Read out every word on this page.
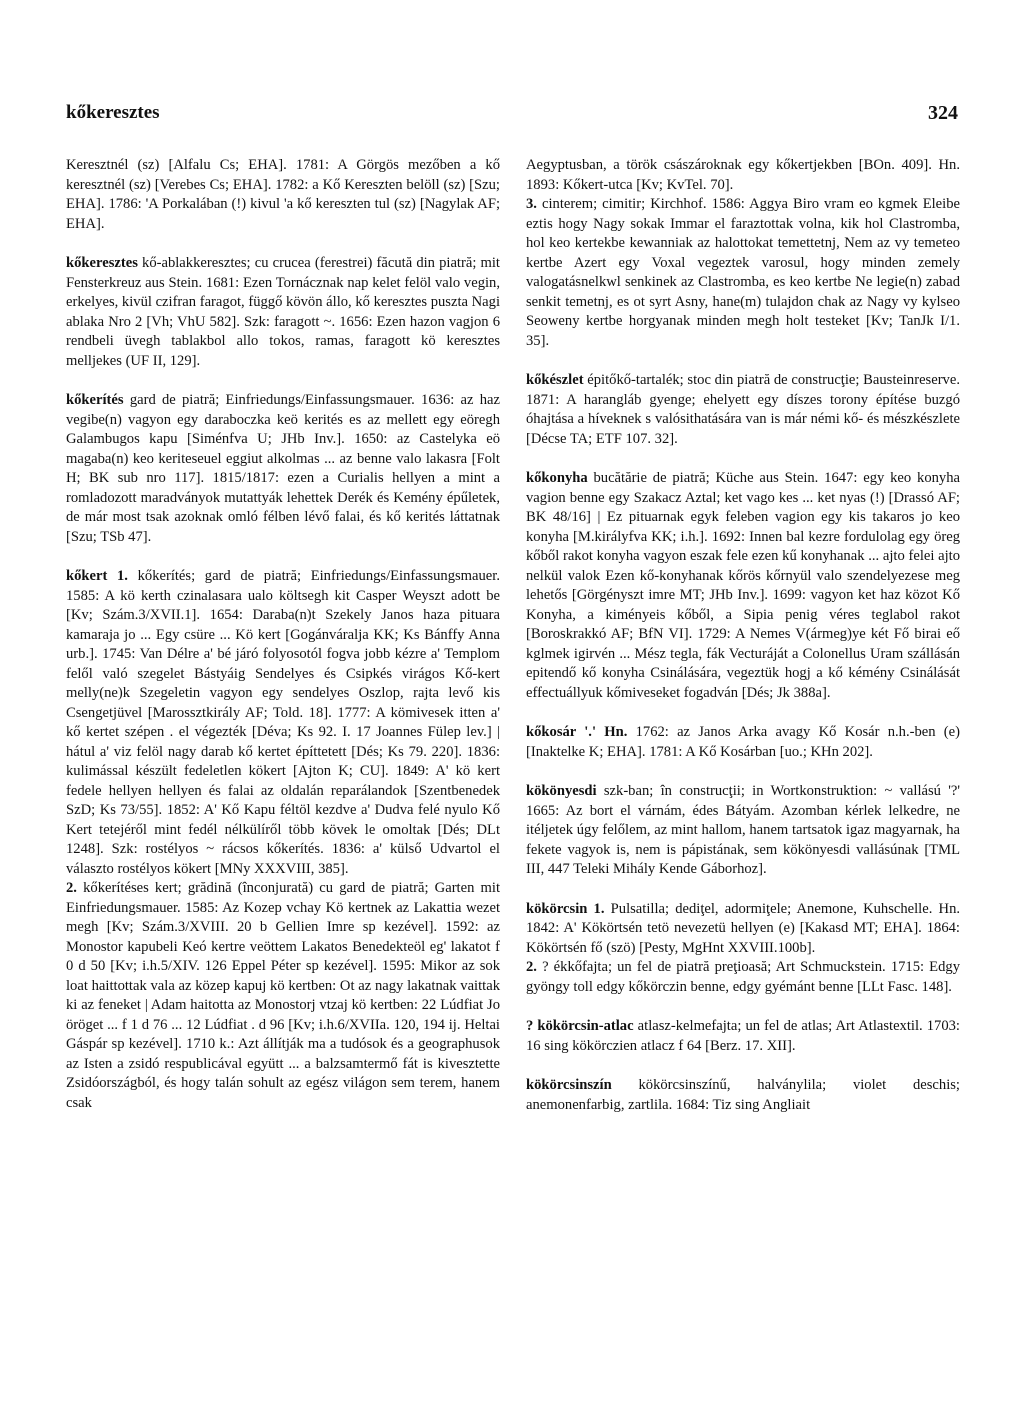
kőkeresztes	324

Keresztnél (sz) [Alfalu Cs; EHA]. 1781: A Görgös mezőben a kő keresztnél (sz) [Verebes Cs; EHA]. 1782: a Kő Kereszten belöll (sz) [Szu; EHA]. 1786: 'A Porkalában (!) kivul 'a kő kereszten tul (sz) [Nagylak AF; EHA].

kőkeresztes kő-ablakkeresztes; cu crucea (ferestrei) făcută din piatră; mit Fensterkreuz aus Stein. 1681: Ezen Tornácznak nap kelet felöl valo vegin, erkelyes, kivül czifran faragot, függő kövön állo, kő keresztes puszta Nagi ablaka Nro 2 [Vh; VhU 582]. Szk: faragott ~. 1656: Ezen hazon vagjon 6 rendbeli üvegh tablakbol allo tokos, ramas, faragott kö keresztes melljekes (UF II, 129].

kőkerítés gard de piatră; Einfriedungs/Einfassungsmauer. 1636: az haz vegibe(n) vagyon egy daraboczka keö kerités es az mellett egy eöregh Galambugos kapu [Siménfva U; JHb Inv.]. 1650: az Castelyka eö magaba(n) keo keriteseuel eggiut alkolmas ... az benne valo lakasra [Folt H; BK sub nro 117]. 1815/1817: ezen a Curialis hellyen a mint a romladozott maradványok mutattyák lehettek Derék és Kemény épűletek, de már most tsak azoknak omló félben lévő falai, és kő kerités láttatnak [Szu; TSb 47].

kőkert 1. kőkerítés; gard de piatră; Einfriedungs/Einfassungsmauer. 1585: A kö kerth czinalasara ualo költsegh kit Casper Weyszt adott be [Kv; Szám.3/XVII.1]. 1654: Daraba(n)t Szekely Janos haza pituara kamaraja jo ... Egy csüre ... Kö kert [Gogánváralja KK; Ks Bánffy Anna urb.]. 1745: Van Délre a' bé járó folyosotól fogva jobb kézre a' Templom felől való szegelet Bástyáig Sendelyes és Csipkés virágos Kő-kert melly(ne)k Szegeletin vagyon egy sendelyes Oszlop, rajta levő kis Csengetjüvel [Marossztkirály AF; Told. 18]. 1777: A kömivesek itten a' kő kertet szépen . el végezték [Déva; Ks 92. I. 17 Joannes Fülep lev.] | hátul a' viz felöl nagy darab kő kertet építtetett [Dés; Ks 79. 220]. 1836: kulimással készült fedeletlen kökert [Ajton K; CU]. 1849: A' kö kert fedele hellyen hellyen és falai az oldalán reparálandok [Szentbenedek SzD; Ks 73/55]. 1852: A' Kő Kapu féltöl kezdve a' Dudva felé nyulo Kő Kert tetejéről mint fedél nélkülíről több kövek le omoltak [Dés; DLt 1248]. Szk: rostélyos ~ rácsos kőkerítés. 1836: a' külső Udvartol el választo rostélyos kökert [MNy XXXVIII, 385].

2. kőkerítéses kert; grădină (înconjurată) cu gard de piatră; Garten mit Einfriedungsmauer. 1585: Az Kozep vchay Kö kertnek az Lakattia wezet megh [Kv; Szám.3/XVIII. 20 b Gellien Imre sp kezével]. 1592: az Monostor kapubeli Keó kertre veöttem Lakatos Benedekteöl eg' lakatot f 0 d 50 [Kv; i.h.5/XIV. 126 Eppel Péter sp kezével]. 1595: Mikor az sok loat haittottak vala az közep kapuj kö kertben: Ot az nagy lakatnak vaittak ki az feneket | Adam haitotta az Monostorj vtzaj kö kertben: 22 Lúdfiat Jo öröget ... f 1 d 76 ... 12 Lúdfiat . d 96 [Kv; i.h.6/XVIIa. 120, 194 ij. Heltai Gáspár sp kezével]. 1710 k.: Azt állítják ma a tudósok és a geographusok az Isten a zsidó respublicával együtt ... a balzsamtermő fát is kivesztette Zsidóországból, és hogy talán sohult az egész világon sem terem, hanem csak

Aegyptusban, a török császároknak egy kőkertjekben [BOn. 409]. Hn. 1893: Kőkert-utca [Kv; KvTel. 70].

3. cinterem; cimitir; Kirchhof. 1586: Aggya Biro vram eo kgmek Eleibe eztis hogy Nagy sokak Immar el faraztottak volna, kik hol Clastromba, hol keo kertekbe kewanniak az halottokat temettetnj, Nem az vy temeteo kertbe Azert egy Voxal vegeztek varosul, hogy minden zemely valogatásnelkwl senkinek az Clastromba, es keo kertbe Ne legie(n) zabad senkit temetnj, es ot syrt Asny, hane(m) tulajdon chak az Nagy vy kylseo Seoweny kertbe horgyanak minden megh holt testeket [Kv; TanJk I/1. 35].

kőkészlet épitőkő-tartalék; stoc din piatră de construcţie; Bausteinreserve. 1871: A harangláb gyenge; ehelyett egy díszes torony építése buzgó óhajtása a híveknek s valósithatására van is már némi kő- és mészkészlete [Décse TA; ETF 107. 32].

kőkonyha bucătărie de piatră; Küche aus Stein. 1647: egy keo konyha vagion benne egy Szakacz Aztal; ket vago kes ... ket nyas (!) [Drassó AF; BK 48/16] | Ez pituarnak egyk feleben vagion egy kis takaros jo keo konyha [M.királyfva KK; i.h.]. 1692: Innen bal kezre fordulolag egy öreg kőből rakot konyha vagyon eszak fele ezen kű konyhanak ... ajto felei ajto nelkül valok Ezen kő-konyhanak kőrös kőrnyül valo szendelyezese meg lehetős [Görgényszt imre MT; JHb Inv.]. 1699: vagyon ket haz közot Kő Konyha, a kiményeis kőből, a Sipia penig véres teglabol rakot [Boroskrakkó AF; BfN VI]. 1729: A Nemes V(ármeg)ye két Fő birai eő kglmek igirvén ... Mész tegla, fák Vecturáját a Colonellus Uram szállásán epitendő kő konyha Csinálására, vegeztük hogj a kő kémény Csinálását effectuállyuk kőmiveseket fogadván [Dés; Jk 388a].

kőkosár '.' Hn. 1762: az Janos Arka avagy Kő Kosár n.h.-ben (e) [Inaktelke K; EHA]. 1781: A Kő Kosárban [uo.; KHn 202].

kökönyesdi szk-ban; în construcţii; in Wortkonstruktion: ~ vallású '?' 1665: Az bort el várnám, édes Bátyám. Azomban kérlek lelkedre, ne itéljetek úgy felőlem, az mint hallom, hanem tartsatok igaz magyarnak, ha fekete vagyok is, nem is pápistának, sem kökönyesdi vallásúnak [TML III, 447 Teleki Mihály Kende Gáborhoz].

kökörcsin 1. Pulsatilla; dediţel, adormiţele; Anemone, Kuhschelle. Hn. 1842: A' Kökörtsén tetö nevezetü hellyen (e) [Kakasd MT; EHA]. 1864: Kökörtsén fő (szö) [Pesty, MgHnt XXVIII.100b].

2. ? ékkőfajta; un fel de piatră preţioasă; Art Schmuckstein. 1715: Edgy gyöngy toll edgy kőkörczin benne, edgy gyémánt benne [LLt Fasc. 148].

? kökörcsin-atlac atlasz-kelmefajta; un fel de atlas; Art Atlastextil. 1703: 16 sing kökörczien atlacz f 64 [Berz. 17. XII].

kökörcsinszín kökörcsinszínű, halványlila; violet deschis; anemonenfarbig, zartlila. 1684: Tiz sing Angliait
